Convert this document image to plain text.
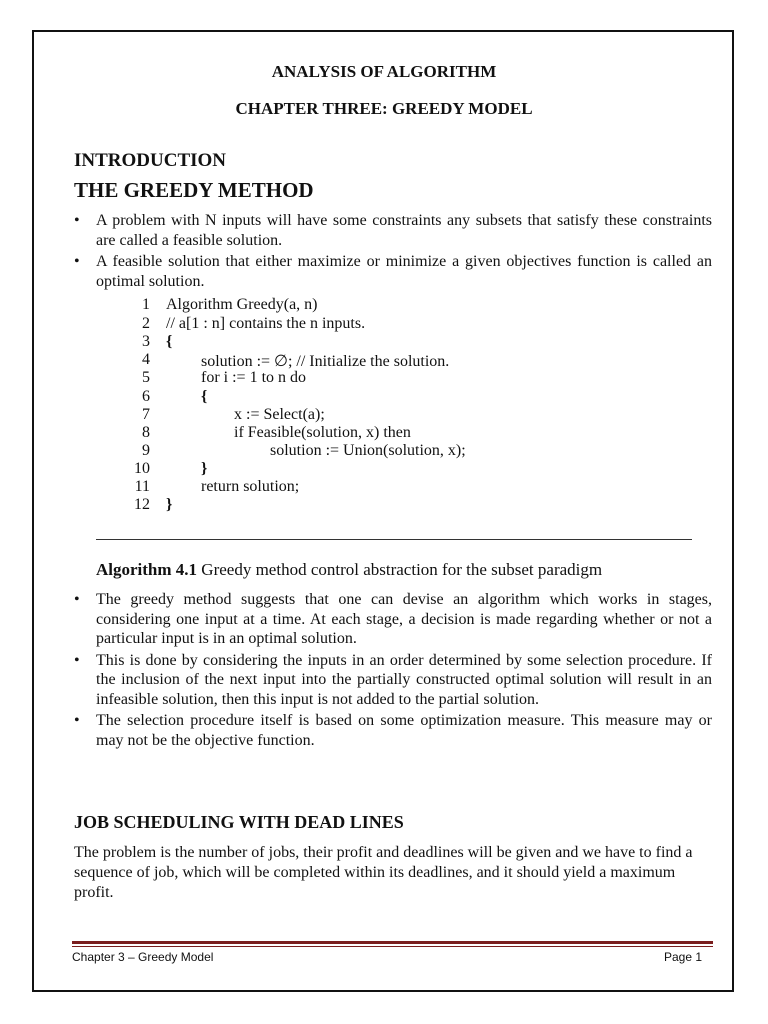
ANALYSIS OF ALGORITHM
CHAPTER THREE: GREEDY MODEL
INTRODUCTION
THE GREEDY METHOD
• A problem with N inputs will have some constraints any subsets that satisfy these constraints are called a feasible solution.
• A feasible solution that either maximize or minimize a given objectives function is called an optimal solution.
1 Algorithm Greedy(a, n)
2 // a[1 : n] contains the n inputs.
3 {
4	solution := ∅; // Initialize the solution.
5	for i := 1 to n do
6	{
7	x := Select(a);
8	if Feasible(solution, x) then
9	solution := Union(solution, x);
10	}
11	return solution;
12 }
Algorithm 4.1 Greedy method control abstraction for the subset paradigm
• The greedy method suggests that one can devise an algorithm which works in stages, considering one input at a time. At each stage, a decision is made regarding whether or not a particular input is in an optimal solution.
• This is done by considering the inputs in an order determined by some selection procedure. If the inclusion of the next input into the partially constructed optimal solution will result in an infeasible solution, then this input is not added to the partial solution.
• The selection procedure itself is based on some optimization measure. This measure may or may not be the objective function.
JOB SCHEDULING WITH DEAD LINES
The problem is the number of jobs, their profit and deadlines will be given and we have to find a sequence of job, which will be completed within its deadlines, and it should yield a maximum profit.
Chapter 3 – Greedy Model	Page 1
